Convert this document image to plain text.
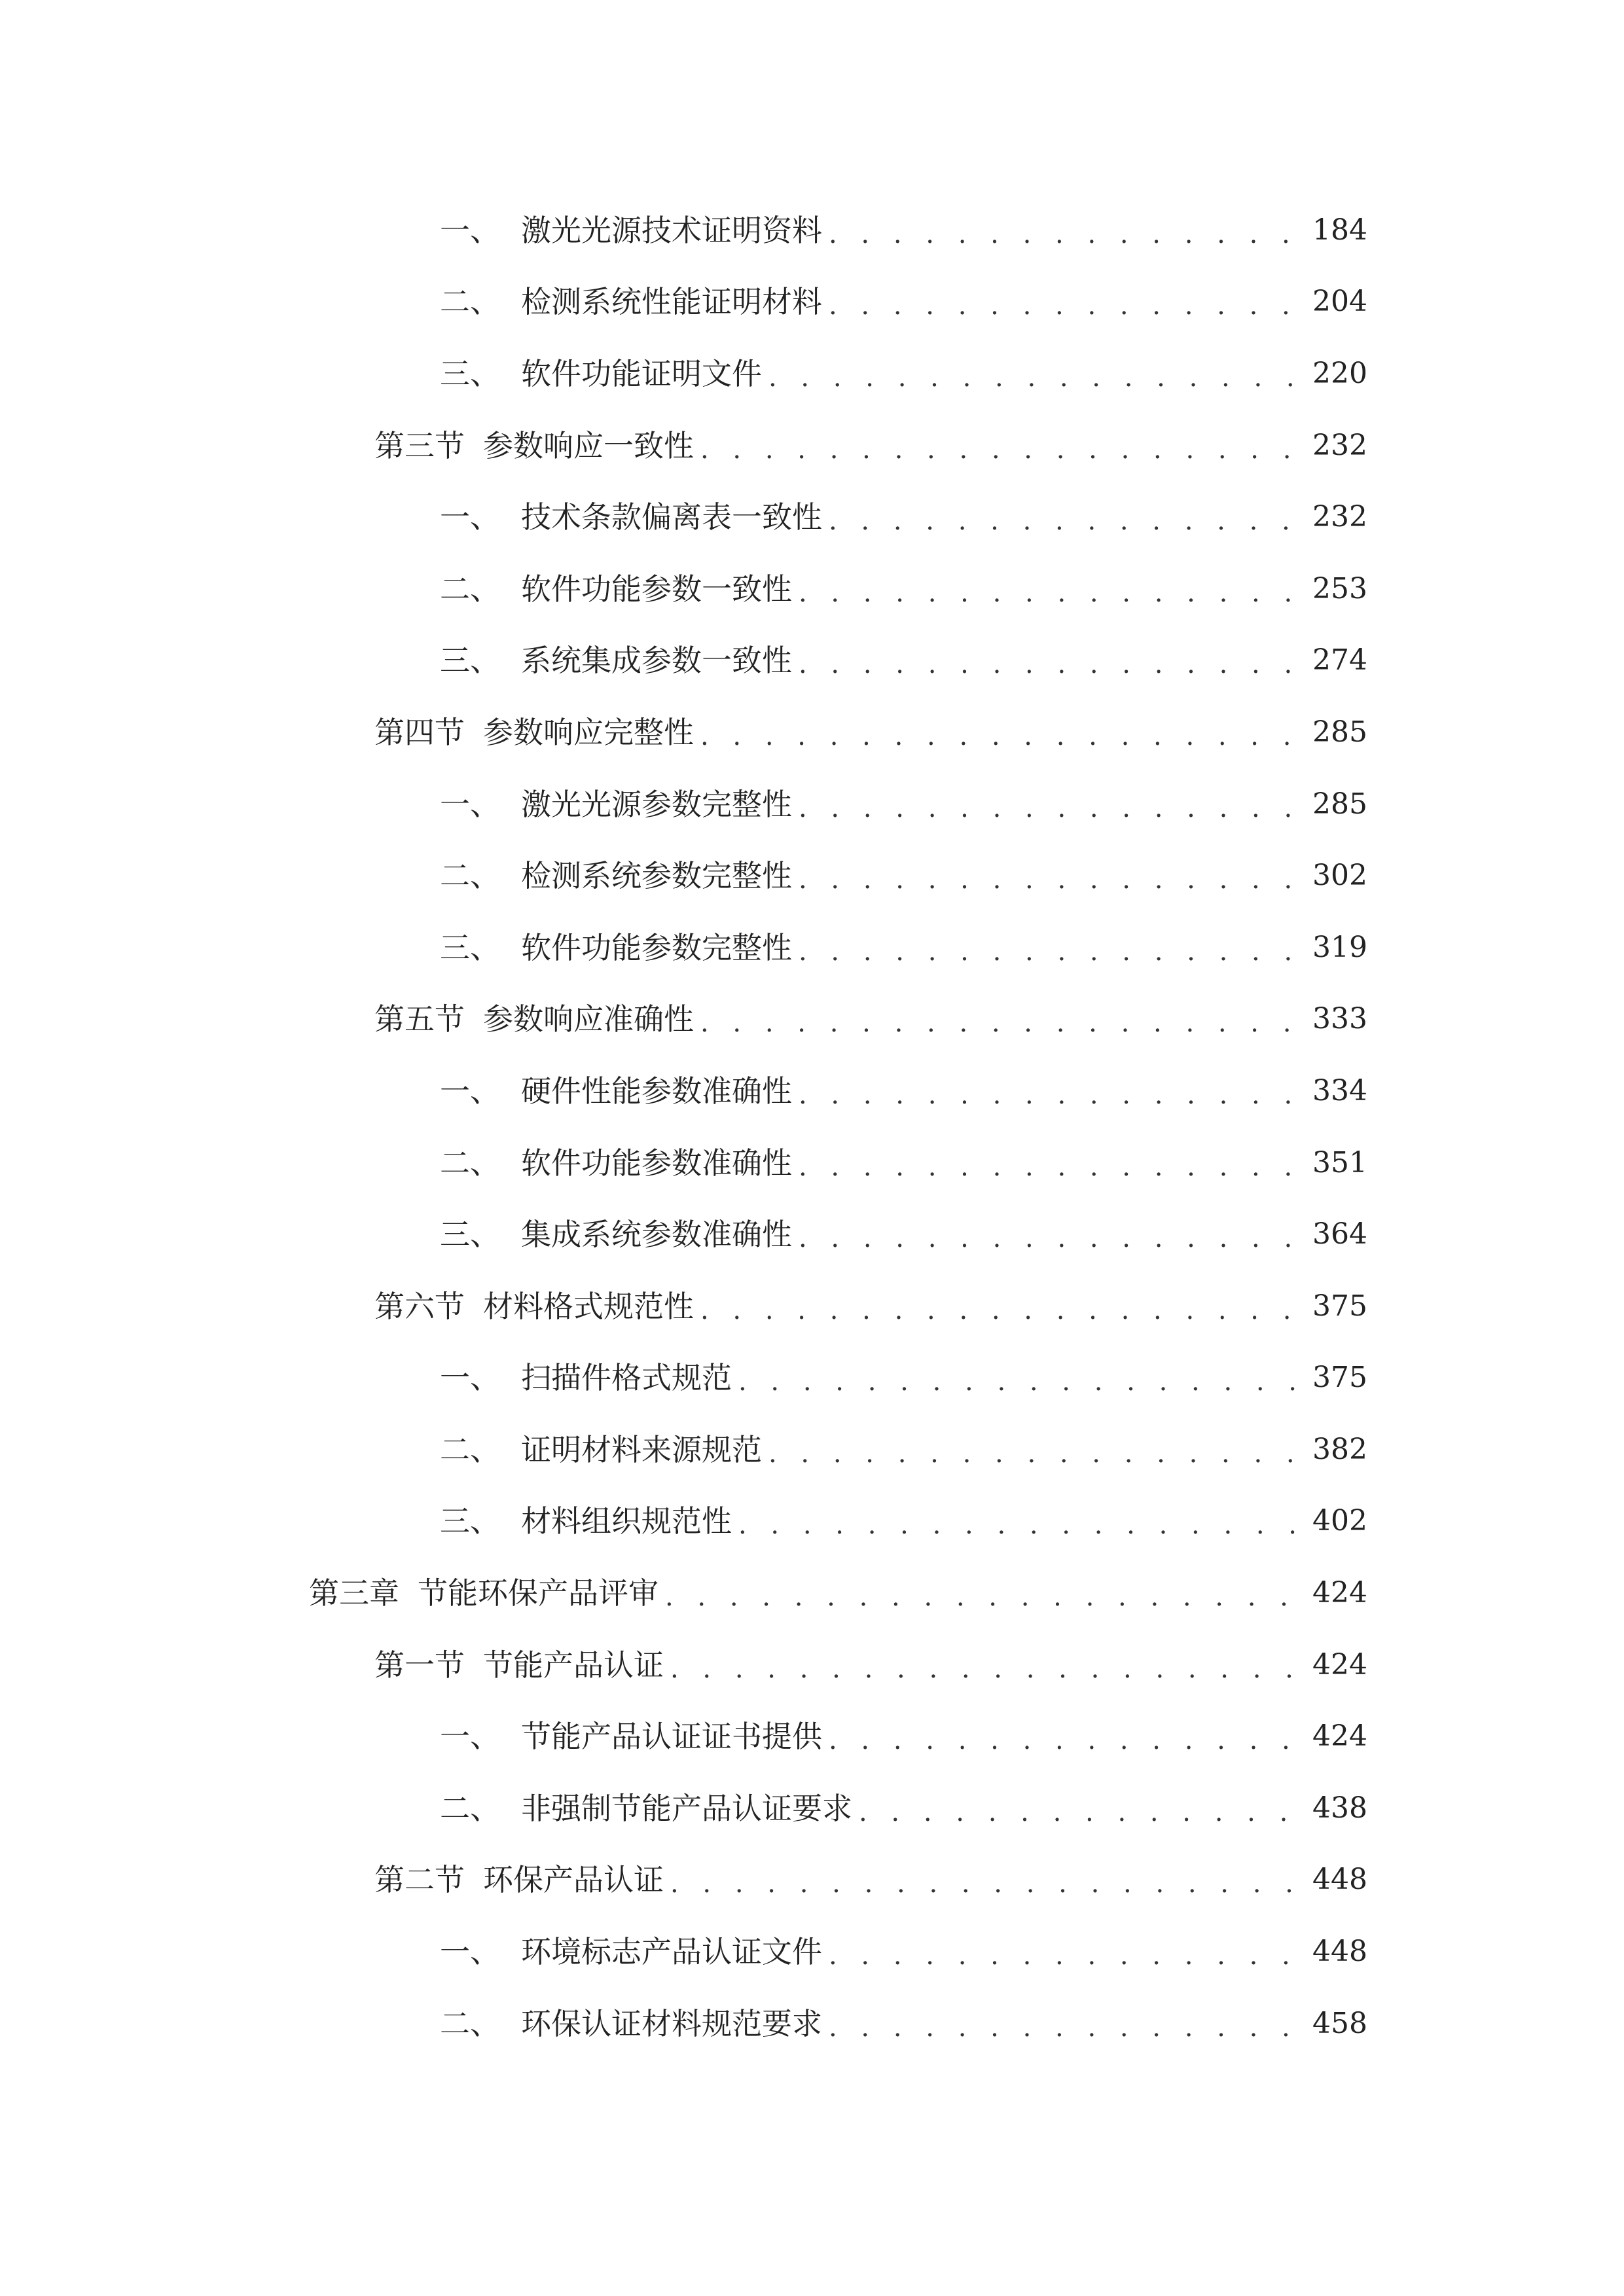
一、 激光光源技术证明资料 . . .	184
二、 检测系统性能证明材料 . . .	204
三、 软件功能证明文件 . . .	220
第三节 参数响应一致性 . . .	232
一、 技术条款偏离表一致性 . . .	232
二、 软件功能参数一致性 . . .	253
三、 系统集成参数一致性 . . .	274
第四节 参数响应完整性 . . .	285
一、 激光光源参数完整性 . . .	285
二、 检测系统参数完整性 . . .	302
三、 软件功能参数完整性 . . .	319
第五节 参数响应准确性 . . .	333
一、 硬件性能参数准确性 . . .	334
二、 软件功能参数准确性 . . .	351
三、 集成系统参数准确性 . . .	364
第六节 材料格式规范性 . . .	375
一、 扫描件格式规范 . . .	375
二、 证明材料来源规范 . . .	382
三、 材料组织规范性 . . .	402
第三章 节能环保产品评审 . . .	424
第一节 节能产品认证 . . .	424
一、 节能产品认证证书提供 . . .	424
二、 非强制节能产品认证要求 . . .	438
第二节 环保产品认证 . . .	448
一、 环境标志产品认证文件 . . .	448
二、 环保认证材料规范要求 . . .	458
